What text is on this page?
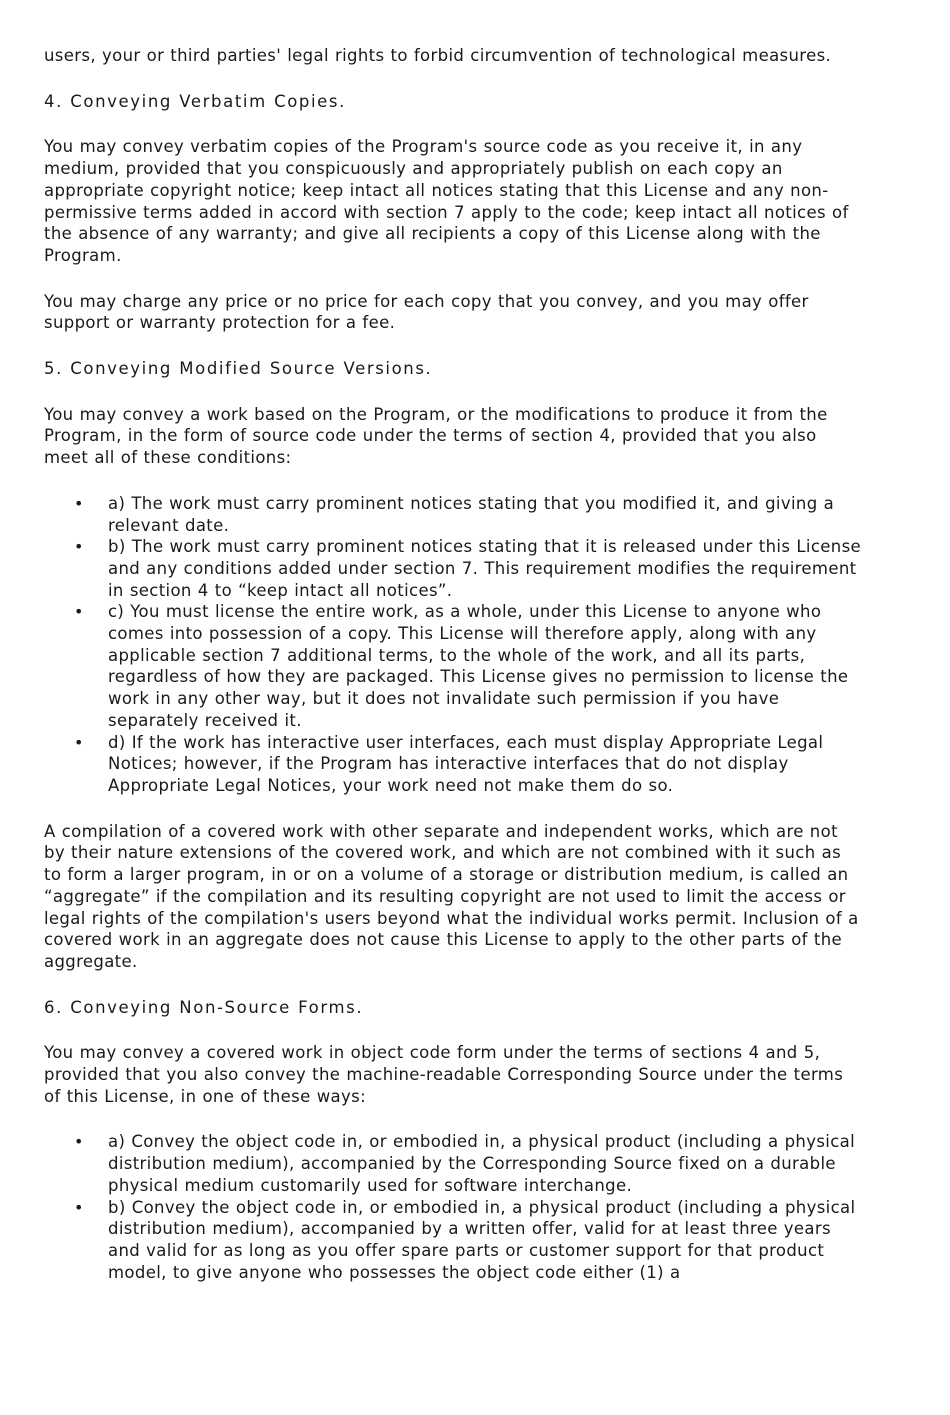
users, your or third parties' legal rights to forbid circumvention of technological measures.

4. Conveying Verbatim Copies.

You may convey verbatim copies of the Program's source code as you receive it, in any medium, provided that you conspicuously and appropriately publish on each copy an appropriate copyright notice; keep intact all notices stating that this License and any non-permissive terms added in accord with section 7 apply to the code; keep intact all notices of the absence of any warranty; and give all recipients a copy of this License along with the Program.

You may charge any price or no price for each copy that you convey, and you may offer support or warranty protection for a fee.

5. Conveying Modified Source Versions.

You may convey a work based on the Program, or the modifications to produce it from the Program, in the form of source code under the terms of section 4, provided that you also meet all of these conditions:

• a) The work must carry prominent notices stating that you modified it, and giving a relevant date.
• b) The work must carry prominent notices stating that it is released under this License and any conditions added under section 7. This requirement modifies the requirement in section 4 to “keep intact all notices”.
• c) You must license the entire work, as a whole, under this License to anyone who comes into possession of a copy. This License will therefore apply, along with any applicable section 7 additional terms, to the whole of the work, and all its parts, regardless of how they are packaged. This License gives no permission to license the work in any other way, but it does not invalidate such permission if you have separately received it.
• d) If the work has interactive user interfaces, each must display Appropriate Legal Notices; however, if the Program has interactive interfaces that do not display Appropriate Legal Notices, your work need not make them do so.

A compilation of a covered work with other separate and independent works, which are not by their nature extensions of the covered work, and which are not combined with it such as to form a larger program, in or on a volume of a storage or distribution medium, is called an “aggregate” if the compilation and its resulting copyright are not used to limit the access or legal rights of the compilation's users beyond what the individual works permit. Inclusion of a covered work in an aggregate does not cause this License to apply to the other parts of the aggregate.

6. Conveying Non-Source Forms.

You may convey a covered work in object code form under the terms of sections 4 and 5, provided that you also convey the machine-readable Corresponding Source under the terms of this License, in one of these ways:

• a) Convey the object code in, or embodied in, a physical product (including a physical distribution medium), accompanied by the Corresponding Source fixed on a durable physical medium customarily used for software interchange.
• b) Convey the object code in, or embodied in, a physical product (including a physical distribution medium), accompanied by a written offer, valid for at least three years and valid for as long as you offer spare parts or customer support for that product model, to give anyone who possesses the object code either (1) a
